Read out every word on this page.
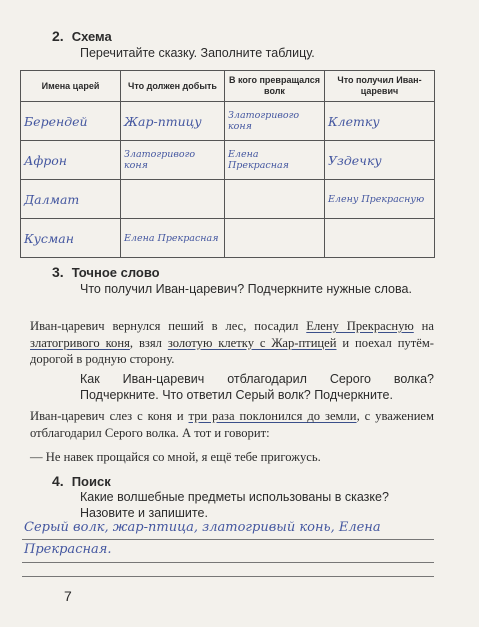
2. Схема
Перечитайте сказку. Заполните таблицу.
Имена царей	Что должен добыть	В кого превращался волк	Что получил Иван-царевич
Берендей	Жар-птицу	Златогривого коня	Клетку
Афрон	Златогривого коня	Елена Прекрасная	Уздечку
Далмат			Елену Прекрасную
Кусман	Елена Прекрасная		
3. Точное слово
Что получил Иван-царевич? Подчеркните нужные слова.
Иван-царевич вернулся пеший в лес, посадил Елену Прекрасную на златогривого коня, взял золотую клетку с Жар-птицей и поехал путём-дорогой в родную сторону.
Как Иван-царевич отблагодарил Серого волка? Подчеркните. Что ответил Серый волк? Подчеркните.
Иван-царевич слез с коня и три раза поклонился до земли, с уважением отблагодарил Серого волка. А тот и говорит:
— Не навек прощайся со мной, я ещё тебе пригожусь.
4. Поиск
Какие волшебные предметы использованы в сказке? Назовите и запишите.
Серый волк, жар-птица, златогривый конь, Елена
Прекрасная.
7
